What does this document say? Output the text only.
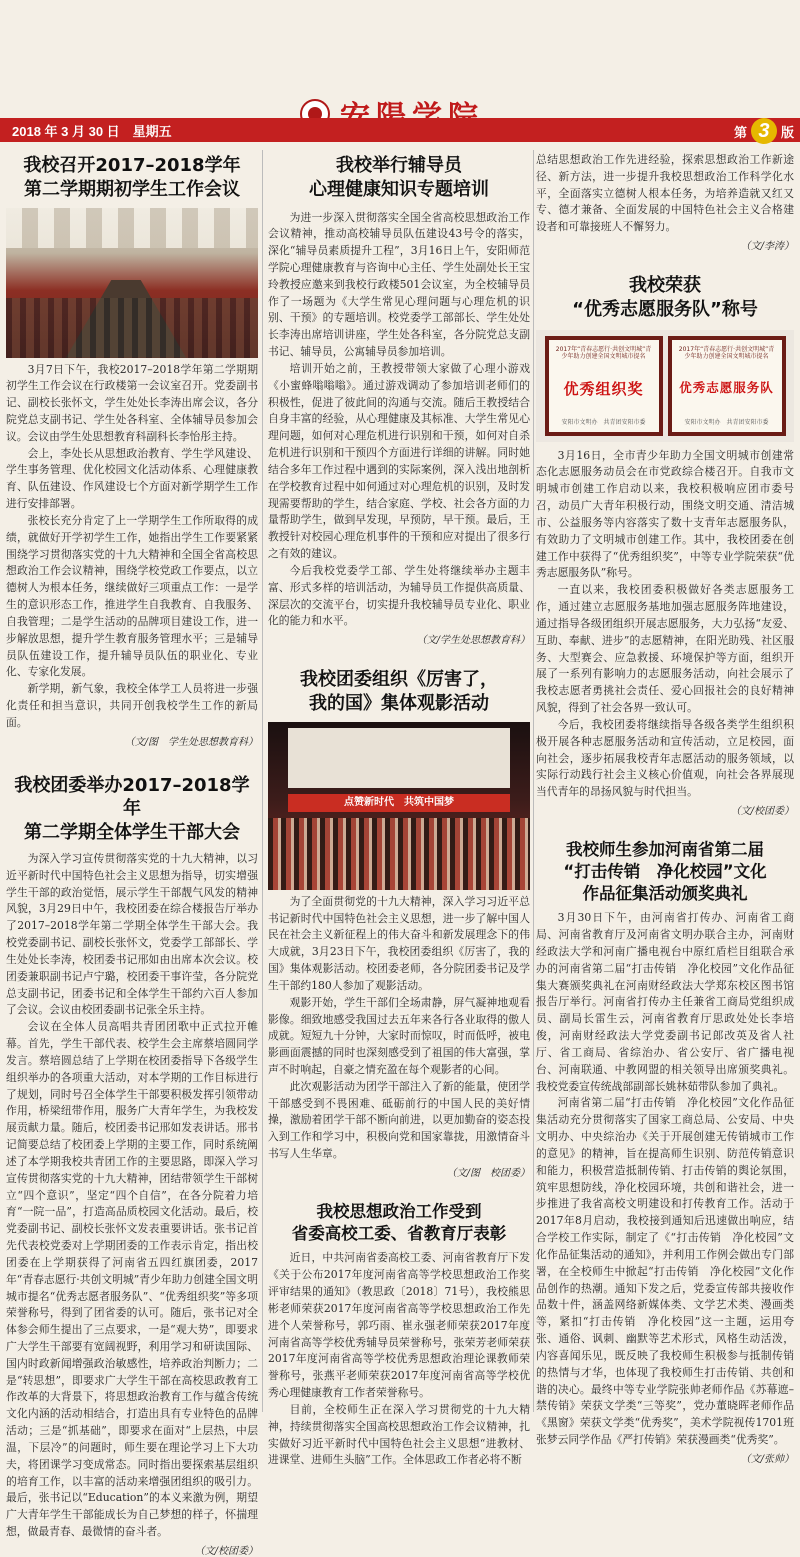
2018 年 3 月 30 日　星期五	第 3 版
我校召开2017–2018学年
第二学期期初学生工作会议

3月7日下午，我校2017–2018学年第二学期期初学生工作会议在行政楼第一会议室召开。党委副书记、副校长张怀文，学生处处长李涛出席会议，各分院党总支副书记、学生处各科室、全体辅导员参加会议。会议由学生处思想教育科副科长李怡彤主持。

会上，李处长从思想政治教育、学生学风建设、学生事务管理、优化校园文化活动体系、心理健康教育、队伍建设、作风建设七个方面对新学期学生工作进行安排部署。

张校长充分肯定了上一学期学生工作所取得的成绩，就做好开学初学生工作，她指出学生工作要紧紧围绕学习贯彻落实党的十九大精神和全国全省高校思想政治工作会议精神，围绕学校党政工作要点，以立德树人为根本任务，继续做好三项重点工作：一是学生的意识形态工作，推进学生自我教育、自我服务、自我管理；二是学生活动的品牌项目建设工作，进一步解放思想，提升学生教育服务管理水平；三是辅导员队伍建设工作，提升辅导员队伍的职业化、专业化、专家化发展。

新学期，新气象，我校全体学工人员将进一步强化责任和担当意识，共同开创我校学生工作的新局面。

（文/图　学生处思想教育科）

我校团委举办2017–2018学年
第二学期全体学生干部大会

为深入学习宣传贯彻落实党的十九大精神，以习近平新时代中国特色社会主义思想为指导，切实增强学生干部的政治觉悟，展示学生干部靓气风发的精神风貌，3月29日中午，我校团委在综合楼报告厅举办了2017–2018学年第二学期全体学生干部大会。我校党委副书记、副校长张怀文，党委学工部部长、学生处处长李涛，校团委书记邢如由出席本次会议。校团委兼职副书记卢宁璐，校团委干事许莹，各分院党总支副书记，团委书记和全体学生干部约六百人参加了会议。会议由校团委副书记张全乐主持。

会议在全体人员高唱共青团团歌中正式拉开帷幕。首先，学生干部代表、校学生会主席蔡培圆同学发言。蔡培圆总结了上学期在校团委指导下各级学生组织举办的各项重大活动，对本学期的工作目标进行了规划，同时号召全体学生干部要积极发挥引领带动作用，桥梁纽带作用，服务广大青年学生，为我校发展贡献力量。随后，校团委书记邢如发表讲话。邢书记简要总结了校团委上学期的主要工作，同时系统阐述了本学期我校共青团工作的主要思路，即深入学习宣传贯彻落实党的十九大精神，团结带领学生干部树立“四个意识”，坚定“四个自信”，在各分院着力培育“一院一品”，打造高品质校园文化活动。最后，校党委副书记、副校长张怀文发表重要讲话。张书记首先代表校党委对上学期团委的工作表示肯定，指出校团委在上学期获得了河南省五四红旗团委，2017年“青春志愿行·共创文明城”青少年助力创建全国文明城市提名“优秀志愿者服务队”、“优秀组织奖”等多项荣誉称号，得到了团省委的认可。随后，张书记对全体参会师生提出了三点要求，一是“观大势”，即要求广大学生干部要有宽阔视野，利用学习和研读国际、国内时政新闻增强政治敏感性，培养政治判断力；二是“转思想”，即要求广大学生干部在高校思政教育工作改革的大背景下，将思想政治教育工作与蕴含传统文化内涵的活动相结合，打造出具有专业特色的品牌活动；三是“抓基础”，即要求在面对“上层热，中层温，下层冷”的问题时，师生要在理论学习上下大功夫，将团课学习变成常态。同时指出要探索基层组织的培育工作，以丰富的活动来增强团组织的吸引力。最后，张书记以“Education”的本义来激为例，期望广大青年学生干部能成长为自己梦想的样子，怀揣理想，做最青春、最微情的奋斗者。

（文/校团委）

我校举行辅导员
心理健康知识专题培训

为进一步深入贯彻落实全国全省高校思想政治工作会议精神，推动高校辅导员队伍建设43号令的落实，深化“辅导员素质提升工程”，3月16日上午，安阳师范学院心理健康教育与咨询中心主任、学生处副处长王宝玲教授应邀来到我校行政楼501会议室，为全校辅导员作了一场题为《大学生常见心理问题与心理危机的识别、干预》的专题培训。校党委学工部部长、学生处处长李涛出席培训讲座，学生处各科室，各分院党总支副书记、辅导员，公寓辅导员参加培训。

培训开始之前，王教授带领大家做了心理小游戏《小蜜蜂嗡嗡嗡》。通过游戏调动了参加培训老师们的积极性，促进了彼此间的沟通与交流。随后王教授结合自身丰富的经验，从心理健康及其标准、大学生常见心理问题，如何对心理危机进行识别和干预，如何对自杀危机进行识别和干预四个方面进行详细的讲解。同时她结合多年工作过程中遇到的实际案例，深入浅出地剖析在学校教育过程中如何通过对心理危机的识别，及时发现需要帮助的学生，结合家庭、学校、社会各方面的力量帮助学生，做到早发现，早预防，早干预。最后，王教授针对校园心理危机事件的干预和应对提出了很多行之有效的建议。

今后我校党委学工部、学生处将继续举办主题丰富、形式多样的培训活动，为辅导员工作提供高质量、深层次的交流平台，切实提升我校辅导员专业化、职业化的能力和水平。

（文/学生处思想教育科）

我校团委组织《厉害了，
我的国》集体观影活动
点赞新时代　共筑中国梦

为了全面贯彻党的十九大精神，深入学习习近平总书记新时代中国特色社会主义思想，进一步了解中国人民在社会主义新征程上的伟大奋斗和新发展理念下的伟大成就，3月23日下午，我校团委组织《厉害了，我的国》集体观影活动。校团委老师，各分院团委书记及学生干部约180人参加了观影活动。

观影开始，学生干部们全场肃静，屏气凝神地观看影像。细致地感受我国过去五年来各行各业取得的傲人成就。短短九十分钟，大家时而惊叹，时而低呼，被电影画面震撼的同时也深刻感受到了祖国的伟大富强，掌声不时响起，自豪之情充盈在每个观影者的心间。

此次观影活动为团学干部注入了新的能量，使团学干部感受到不畏困难、砥砺前行的中国人民的美好情操，激励着团学干部不断向前进，以更加勤奋的姿态投入到工作和学习中，积极向党和国家靠拢，用激情奋斗书写人生华章。

（文/图　校团委）

我校思想政治工作受到
省委高校工委、省教育厅表彰

近日，中共河南省委高校工委、河南省教育厅下发《关于公布2017年度河南省高等学校思想政治工作奖评审结果的通知》（教思政〔2018〕71号），我校熊思彬老师荣获2017年度河南省高等学校思想政治工作先进个人荣誉称号，郭巧雨、崔永强老师荣获2017年度河南省高等学校优秀辅导员荣誉称号，张荣芳老师荣获2017年度河南省高等学校优秀思想政治理论课教师荣誉称号，张燕平老师荣获2017年度河南省高等学校优秀心理健康教育工作者荣誉称号。

目前，全校师生正在深入学习贯彻党的十九大精神，持续贯彻落实全国高校思想政治工作会议精神，扎实做好习近平新时代中国特色社会主义思想“进教材、进课堂、进师生头脑”工作。全体思政工作者必将不断

总结思想政治工作先进经验，探索思想政治工作新途径、新方法，进一步提升我校思想政治工作科学化水平，全面落实立德树人根本任务，为培养造就又红又专、德才兼备、全面发展的中国特色社会主义合格建设者和可靠接班人不懈努力。

（文/李涛）

我校荣获
“优秀志愿服务队”称号
2017年“青春志愿行·共创文明城”青少年助力创建全国文明城市提名
优秀组织奖
安阳市文明办　共青团安阳市委
2017年“青春志愿行·共创文明城”青少年助力创建全国文明城市提名
优秀志愿服务队
安阳市文明办　共青团安阳市委

3月16日，全市青少年助力全国文明城市创建常态化志愿服务动员会在市党政综合楼召开。自我市文明城市创建工作启动以来，我校积极响应团市委号召，动员广大青年积极行动，围绕文明交通、清洁城市、公益服务等内容落实了数十支青年志愿服务队，有效助力了文明城市创建工作。其中，我校团委在创建工作中获得了“优秀组织奖”，中等专业学院荣获“优秀志愿服务队”称号。

一直以来，我校团委积极做好各类志愿服务工作，通过建立志愿服务基地加强志愿服务阵地建设，通过指导各级团组织开展志愿服务，大力弘扬“友爱、互助、奉献、进步”的志愿精神，在阳光助残、社区服务、大型赛会、应急救援、环境保护等方面，组织开展了一系列有影响力的志愿服务活动，向社会展示了我校志愿者勇挑社会责任、爱心回报社会的良好精神风貌，得到了社会各界一致认可。

今后，我校团委将继续指导各级各类学生组织积极开展各种志愿服务活动和宣传活动，立足校园，面向社会，逐步拓展我校青年志愿活动的服务领域，以实际行动践行社会主义核心价值观，向社会各界展现当代青年的昂扬风貌与时代担当。

（文/校团委）

我校师生参加河南省第二届
“打击传销　净化校园”文化
作品征集活动颁奖典礼

3月30日下午，由河南省打传办、河南省工商局、河南省教育厅及河南省文明办联合主办，河南财经政法大学和河南广播电视台中原红盾栏目组联合承办的河南省第二届“打击传销　净化校园”文化作品征集大赛颁奖典礼在河南财经政法大学郑东校区图书馆报告厅举行。河南省打传办主任兼省工商局党组织成员、副局长雷生云，河南省教育厅思政处处长李培俊，河南财经政法大学党委副书记郎改英及省人社厅、省工商局、省综治办、省公安厅、省广播电视台、河南联通、中教网盟的相关领导出席颁奖典礼。我校党委宣传统战部副部长姚林茹带队参加了典礼。

河南省第二届“打击传销　净化校园”文化作品征集活动充分贯彻落实了国家工商总局、公安局、中央文明办、中央综治办《关于开展创建无传销城市工作的意见》的精神，旨在提高师生识别、防范传销意识和能力，积极营造抵制传销、打击传销的舆论氛围，筑牢思想防线，净化校园环境，共创和谐社会，进一步推进了我省高校文明建设和打传教育工作。活动于2017年8月启动，我校接到通知后迅速做出响应，结合学校工作实际，制定了《“打击传销　净化校园”文化作品征集活动的通知》，并利用工作例会做出专门部署，在全校师生中掀起“打击传销　净化校园”文化作品创作的热潮。通知下发之后，党委宣传部共接收作品数十件，涵盖网络新媒体类、文学艺术类、漫画类等，紧扣“打击传销　净化校园”这一主题，运用夸张、通俗、讽刺、幽默等艺术形式，风格生动活泼，内容喜闻乐见，既反映了我校师生积极参与抵制传销的热情与才华，也体现了我校师生打击传销、共创和谐的决心。最终中等专业学院张帅老师作品《苏幕遮–禁传销》荣获文学类“三等奖”，党办董晓晖老师作品《黑窗》荣获文学类“优秀奖”，美术学院视传1701班张梦云同学作品《严打传销》荣获漫画类“优秀奖”。

（文/张帅）
